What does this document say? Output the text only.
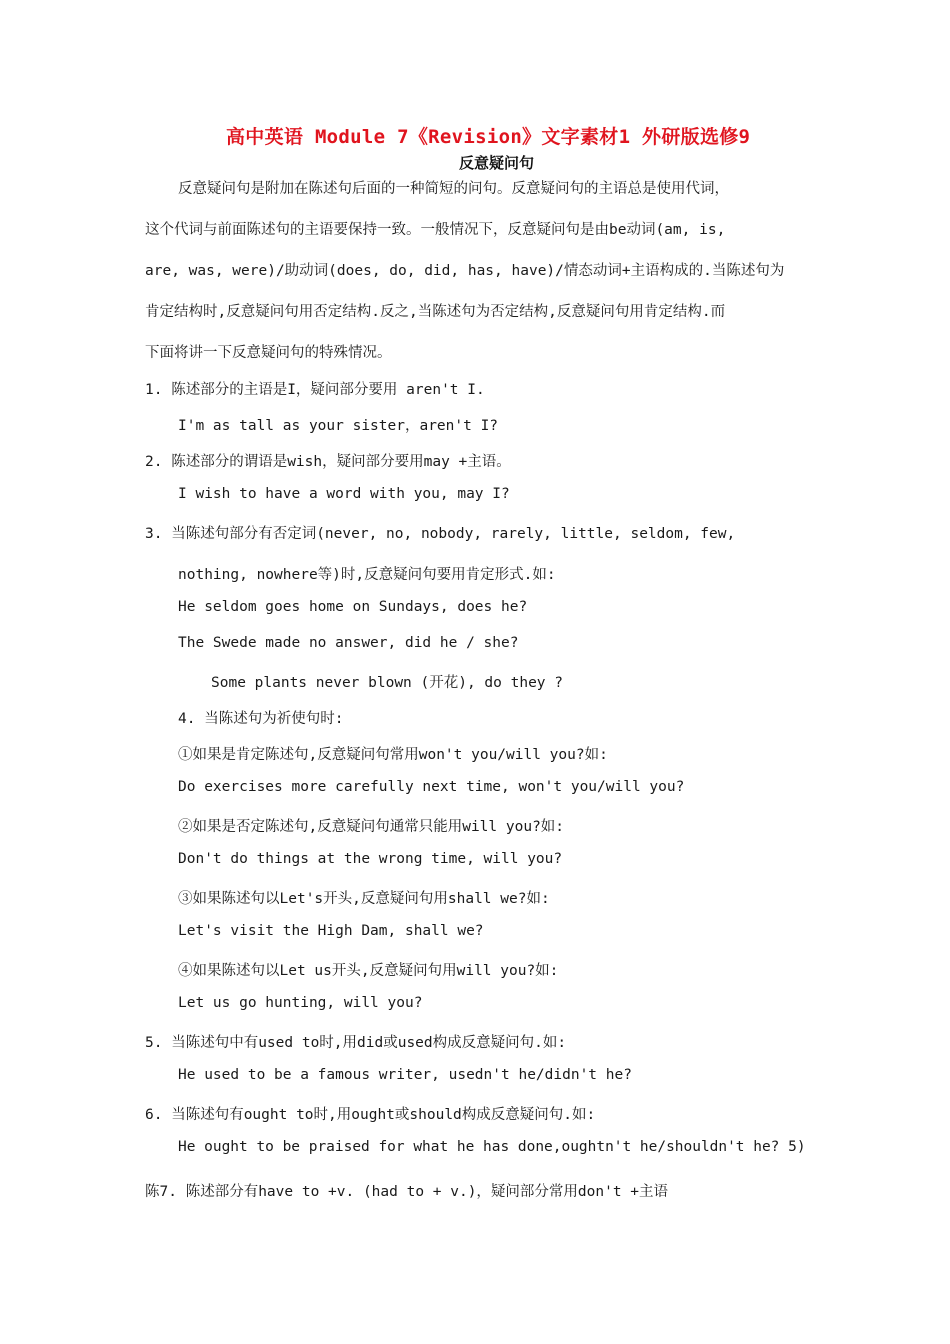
高中英语 Module 7《Revision》文字素材1 外研版选修9
反意疑问句
反意疑问句是附加在陈述句后面的一种简短的问句。反意疑问句的主语总是使用代词，
这个代词与前面陈述句的主语要保持一致。一般情况下，反意疑问句是由be动词(am, is,
are, was, were)/助动词(does, do, did, has, have)/情态动词+主语构成的.当陈述句为
肯定结构时,反意疑问句用否定结构.反之,当陈述句为否定结构,反意疑问句用肯定结构.而
下面将讲一下反意疑问句的特殊情况。
1. 陈述部分的主语是I，疑问部分要用 aren't I.
I'm as tall as your sister，aren't I?
2. 陈述部分的谓语是wish，疑问部分要用may +主语。
I wish to have a word with you, may I?
3. 当陈述句部分有否定词(never, no, nobody, rarely, little, seldom, few,
nothing, nowhere等)时,反意疑问句要用肯定形式.如:
He seldom goes home on Sundays, does he?
The Swede made no answer, did he / she?
Some plants never blown (开花), do they ?
4. 当陈述句为祈使句时:
①如果是肯定陈述句,反意疑问句常用won't you/will you?如:
Do exercises more carefully next time, won't you/will you?
②如果是否定陈述句,反意疑问句通常只能用will you?如:
Don't do things at the wrong time, will you?
③如果陈述句以Let's开头,反意疑问句用shall we?如:
Let's visit the High Dam, shall we?
④如果陈述句以Let us开头,反意疑问句用will you?如:
Let us go hunting, will you?
5. 当陈述句中有used to时,用did或used构成反意疑问句.如:
He used to be a famous writer, usedn't he/didn't he?
6. 当陈述句有ought to时,用ought或should构成反意疑问句.如:
He ought to be praised for what he has done,oughtn't he/shouldn't he? 5)
陈7. 陈述部分有have to +v. (had to + v.)，疑问部分常用don't +主语
